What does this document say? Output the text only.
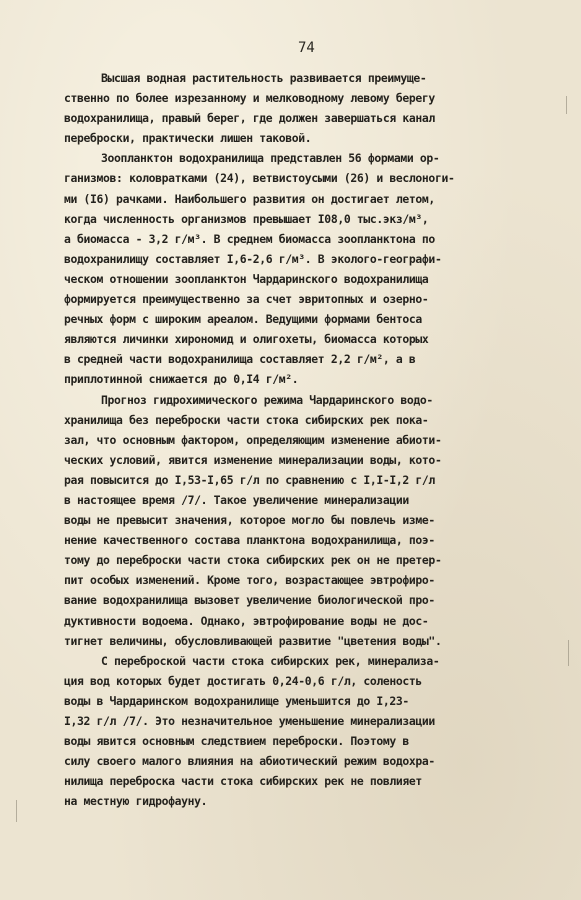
74
Высшая водная растительность развивается преимуще-
ственно по более изрезанному и мелководному левому берегу
водохранилища, правый берег, где должен завершаться канал
переброски, практически лишен таковой.
Зоопланктон водохранилища представлен 56 формами ор-
ганизмов: коловратками (24), ветвистоусыми (26) и веслоноги-
ми (I6) рачками. Наибольшего развития он достигает летом,
когда численность организмов превышает I08,0 тыс.экз/м³,
а биомасса - 3,2 г/м³. В среднем биомасса зоопланктона по
водохранилищу составляет I,6-2,6 г/м³. В эколого-географи-
ческом отношении зоопланктон Чардаринского водохранилища
формируется преимущественно за счет эвритопных и озерно-
речных форм с широким ареалом. Ведущими формами бентоса
являются личинки хирономид и олигохеты, биомасса которых
в средней части водохранилища составляет 2,2 г/м², а в
приплотинной снижается до 0,I4 г/м².
Прогноз гидрохимического режима Чардаринского водо-
хранилища без переброски части стока сибирских рек пока-
зал, что основным фактором, определяющим изменение абиоти-
ческих условий, явится изменение минерализации воды, кото-
рая повысится до I,53-I,65 г/л по сравнению с I,I-I,2 г/л
в настоящее время /7/. Такое увеличение минерализации
воды не превысит значения, которое могло бы повлечь изме-
нение качественного состава планктона водохранилища, поэ-
тому до переброски части стока сибирских рек он не претер-
пит особых изменений. Кроме того, возрастающее эвтрофиро-
вание водохранилища вызовет увеличение биологической про-
дуктивности водоема. Однако, эвтрофирование воды не дос-
тигнет величины, обусловливающей развитие "цветения воды".
С переброской части стока сибирских рек, минерализа-
ция вод которых будет достигать 0,24-0,6 г/л, соленость
воды в Чардаринском водохранилище уменьшится до I,23-
I,32 г/л /7/. Это незначительное уменьшение минерализации
воды явится основным следствием переброски. Поэтому в
силу своего малого влияния на абиотический режим водохра-
нилища переброска части стока сибирских рек не повлияет
на местную гидрофауну.
